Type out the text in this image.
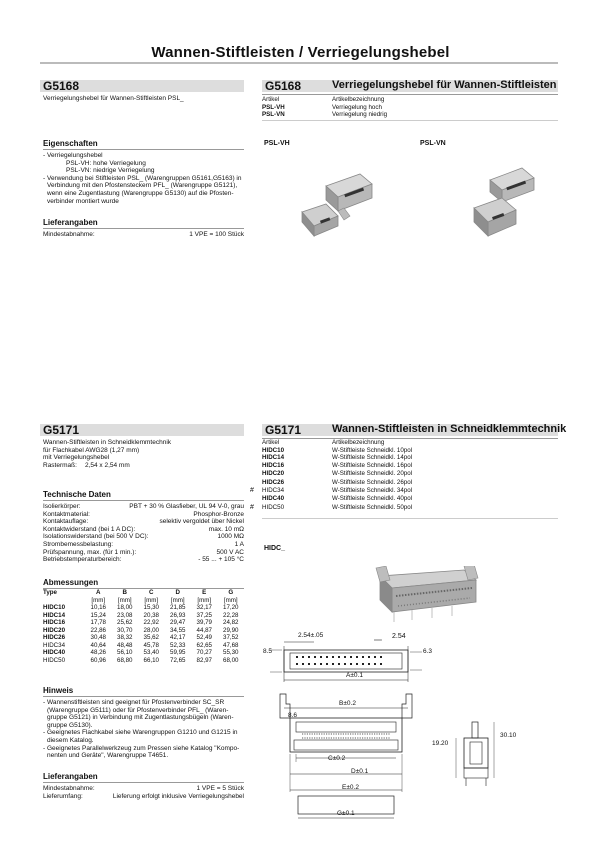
Wannen-Stiftleisten / Verriegelungshebel
G5168
Verriegelungshebel für Wannen-Stiftleisten PSL_
Eigenschaften
- Verriegelungshebel
PSL-VH: hohe Verriegelung
PSL-VN: niedrige Verriegelung
- Verwendung bei Stiftleisten PSL_ (Warengruppen G5161,G5163) in
Verbindung mit den Pfostensteckern PFL_ (Warengruppe G5121),
wenn eine Zugentlastung (Warengruppe G5130) auf die Pfosten-
verbinder montiert wurde
Lieferangaben
Mindestabnahme:	1 VPE = 100 Stück
G5168	Verriegelungshebel für Wannen-Stiftleisten
Artikel	Artikelbezeichnung
PSL-VH	Verriegelung hoch
PSL-VN	Verriegelung niedrig
PSL-VH	PSL-VN
G5171
Wannen-Stiftleisten in Schneidklemmtechnik
für Flachkabel AWG28 (1,27 mm)
mit Verriegelungshebel
Rastermaß: 2,54 x 2,54 mm
Technische Daten
Isolierkörper:	PBT + 30 % Glasfieber, UL 94 V-0, grau
Kontaktmaterial:	Phosphor-Bronze
Kontaktauflage:	selektiv vergoldet über Nickel
Kontaktwiderstand (bei 1 A DC):	max. 10 mΩ
Isolationswiderstand (bei 500 V DC):	1000 MΩ
Strombemessbelastung:	1 A
Prüfspannung, max. (für 1 min.):	500 V AC
Betriebstemperaturbereich:	- 55 ... + 105 °C
Abmessungen
Type	A	B	C	D	E	G
	[mm]	[mm]	[mm]	[mm]	[mm]	[mm]
HIDC10	10,16	18,00	15,30	21,85	32,17	17,20
HIDC14	15,24	23,08	20,38	26,93	37,25	22,28
HIDC16	17,78	25,62	22,92	29,47	39,79	24,82
HIDC20	22,86	30,70	28,00	34,55	44,87	29,90
HIDC26	30,48	38,32	35,62	42,17	52,49	37,52
HIDC34	40,64	48,48	45,78	52,33	62,65	47,68
HIDC40	48,26	56,10	53,40	59,95	70,27	55,30
HIDC50	60,96	68,80	66,10	72,65	82,97	68,00
Hinweis
- Wannenstiftleisten sind geeignet für Pfostenverbinder SC_SR
(Warengruppe G5111) oder für Pfostenverbinder PFL_ (Waren-
gruppe G5121) in Verbindung mit Zugentlastungsbügeln (Waren-
gruppe G5130).
- Geeignetes Flachkabel siehe Warengruppen G1210 und G1215 in
diesem Katalog.
- Geeignetes Parallelwerkzeug zum Pressen siehe Katalog "Kompo-
nenten und Geräte", Warengruppe T4651.
Lieferangaben
Mindestabnahme:	1 VPE = 5 Stück
Lieferumfang:	Lieferung erfolgt inklusive Verriegelungshebel
G5171	Wannen-Stiftleisten in Schneidklemmtechnik
	Artikel	Artikelbezeichnung
	HIDC10	W-Stiftleiste Schneidkl. 10pol
	HIDC14	W-Stiftleiste Schneidkl. 14pol
	HIDC16	W-Stiftleiste Schneidkl. 16pol
	HIDC20	W-Stiftleiste Schneidkl. 20pol
	HIDC26	W-Stiftleiste Schneidkl. 26pol
#	HIDC34	W-Stiftleiste Schneidkl. 34pol
	HIDC40	W-Stiftleiste Schneidkl. 40pol
#	HIDC50	W-Stiftleiste Schneidkl. 50pol
HIDC_
2.54±.05	2.54
8.5	6.3
A±0.1
B±0.2
8.6
C±0.2
D±0.1
E±0.2
G±0.1
19.20
30.10
